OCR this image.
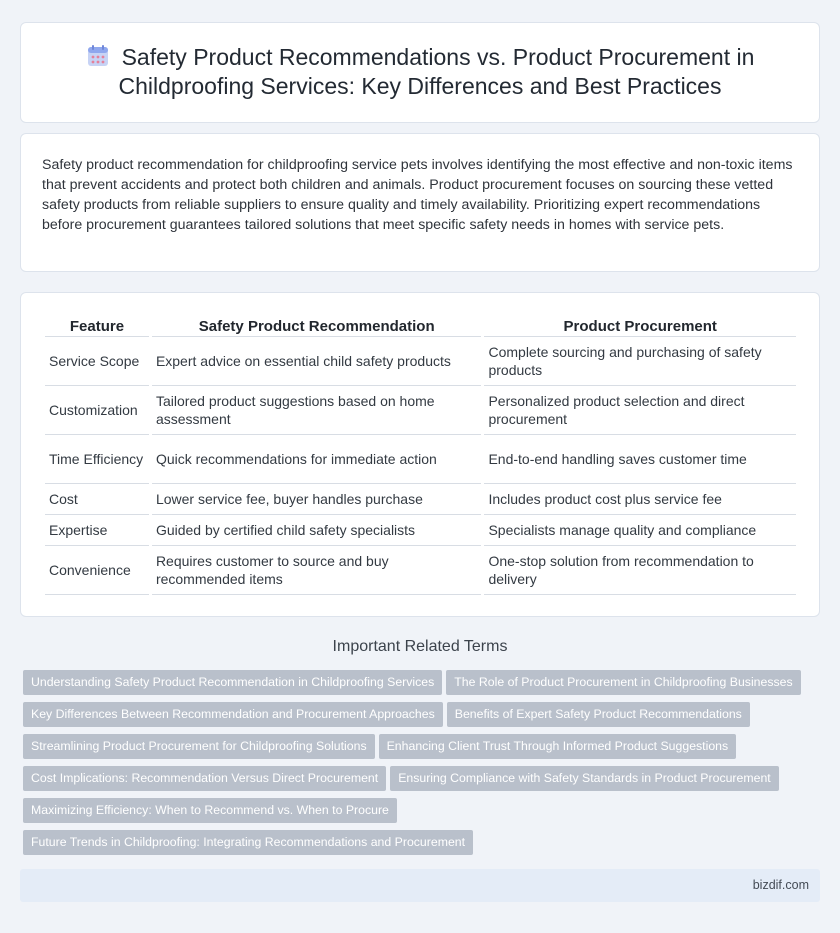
Safety Product Recommendations vs. Product Procurement in Childproofing Services: Key Differences and Best Practices

Safety product recommendation for childproofing service pets involves identifying the most effective and non-toxic items that prevent accidents and protect both children and animals. Product procurement focuses on sourcing these vetted safety products from reliable suppliers to ensure quality and timely availability. Prioritizing expert recommendations before procurement guarantees tailored solutions that meet specific safety needs in homes with service pets.

Feature	Safety Product Recommendation	Product Procurement
Service Scope	Expert advice on essential child safety products	Complete sourcing and purchasing of safety products
Customization	Tailored product suggestions based on home assessment	Personalized product selection and direct procurement
Time Efficiency	Quick recommendations for immediate action	End-to-end handling saves customer time
Cost	Lower service fee, buyer handles purchase	Includes product cost plus service fee
Expertise	Guided by certified child safety specialists	Specialists manage quality and compliance
Convenience	Requires customer to source and buy recommended items	One-stop solution from recommendation to delivery
Important Related Terms
Understanding Safety Product Recommendation in Childproofing Services The Role of Product Procurement in Childproofing Businesses
Key Differences Between Recommendation and Procurement Approaches Benefits of Expert Safety Product Recommendations
Streamlining Product Procurement for Childproofing Solutions Enhancing Client Trust Through Informed Product Suggestions
Cost Implications: Recommendation Versus Direct Procurement Ensuring Compliance with Safety Standards in Product Procurement
Maximizing Efficiency: When to Recommend vs. When to Procure
Future Trends in Childproofing: Integrating Recommendations and Procurement
bizdif.com
